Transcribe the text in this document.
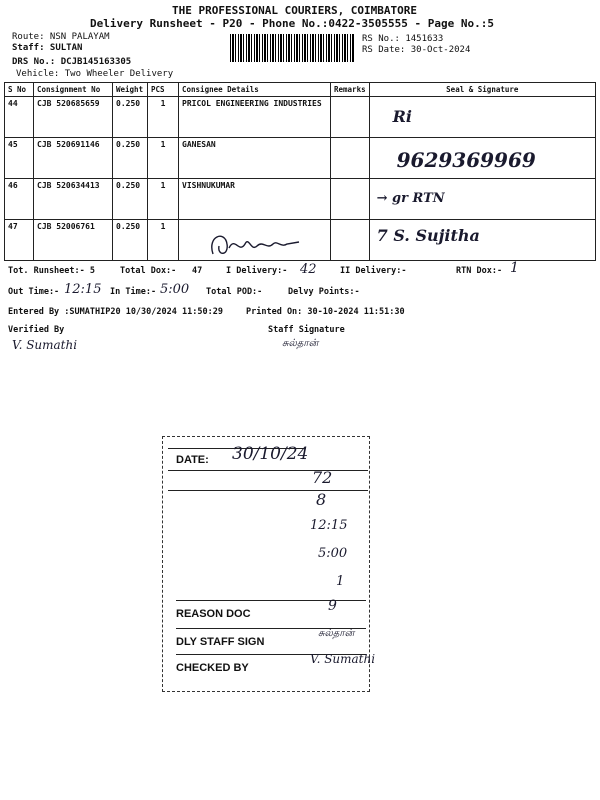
THE PROFESSIONAL COURIERS, COIMBATORE
Delivery Runsheet - P20 - Phone No.:0422-3505555 - Page No.:5
Route: NSN PALAYAM
Staff: SULTAN
DRS No.: DCJB145163305
Vehicle: Two Wheeler Delivery
RS No.: 1451633
RS Date: 30-Oct-2024
S No	Consignment No	Weight	PCS	Consignee Details	Remarks	Seal & Signature
44	CJB 520685659	0.250	1	PRICOL ENGINEERING INDUSTRIES		Ri
45	CJB 520691146	0.250	1	GANESAN		9629369969
46	CJB 520634413	0.250	1	VISHNUKUMAR		→ gr RTN
47	CJB 52006761	0.250	1			7 S. Sujitha
Tot. Runsheet:- 5	Total Dox:- 47	I Delivery:- 42	II Delivery:-	RTN Dox:- 1
Out Time:- 12:15 In Time:- 5:00 Total POD:-	Delvy Points:-
Entered By :SUMATHIP20 10/30/2024 11:50:29	Printed On: 30-10-2024 11:51:30
Verified By
V. Sumathi
Staff Signature
சுல்தான்
DATE:	30/10/24
72
8
12:15
5:00
1
REASON DOC	9
DLY STAFF SIGN
சுல்தான்
CHECKED BY
V. Sumathi
